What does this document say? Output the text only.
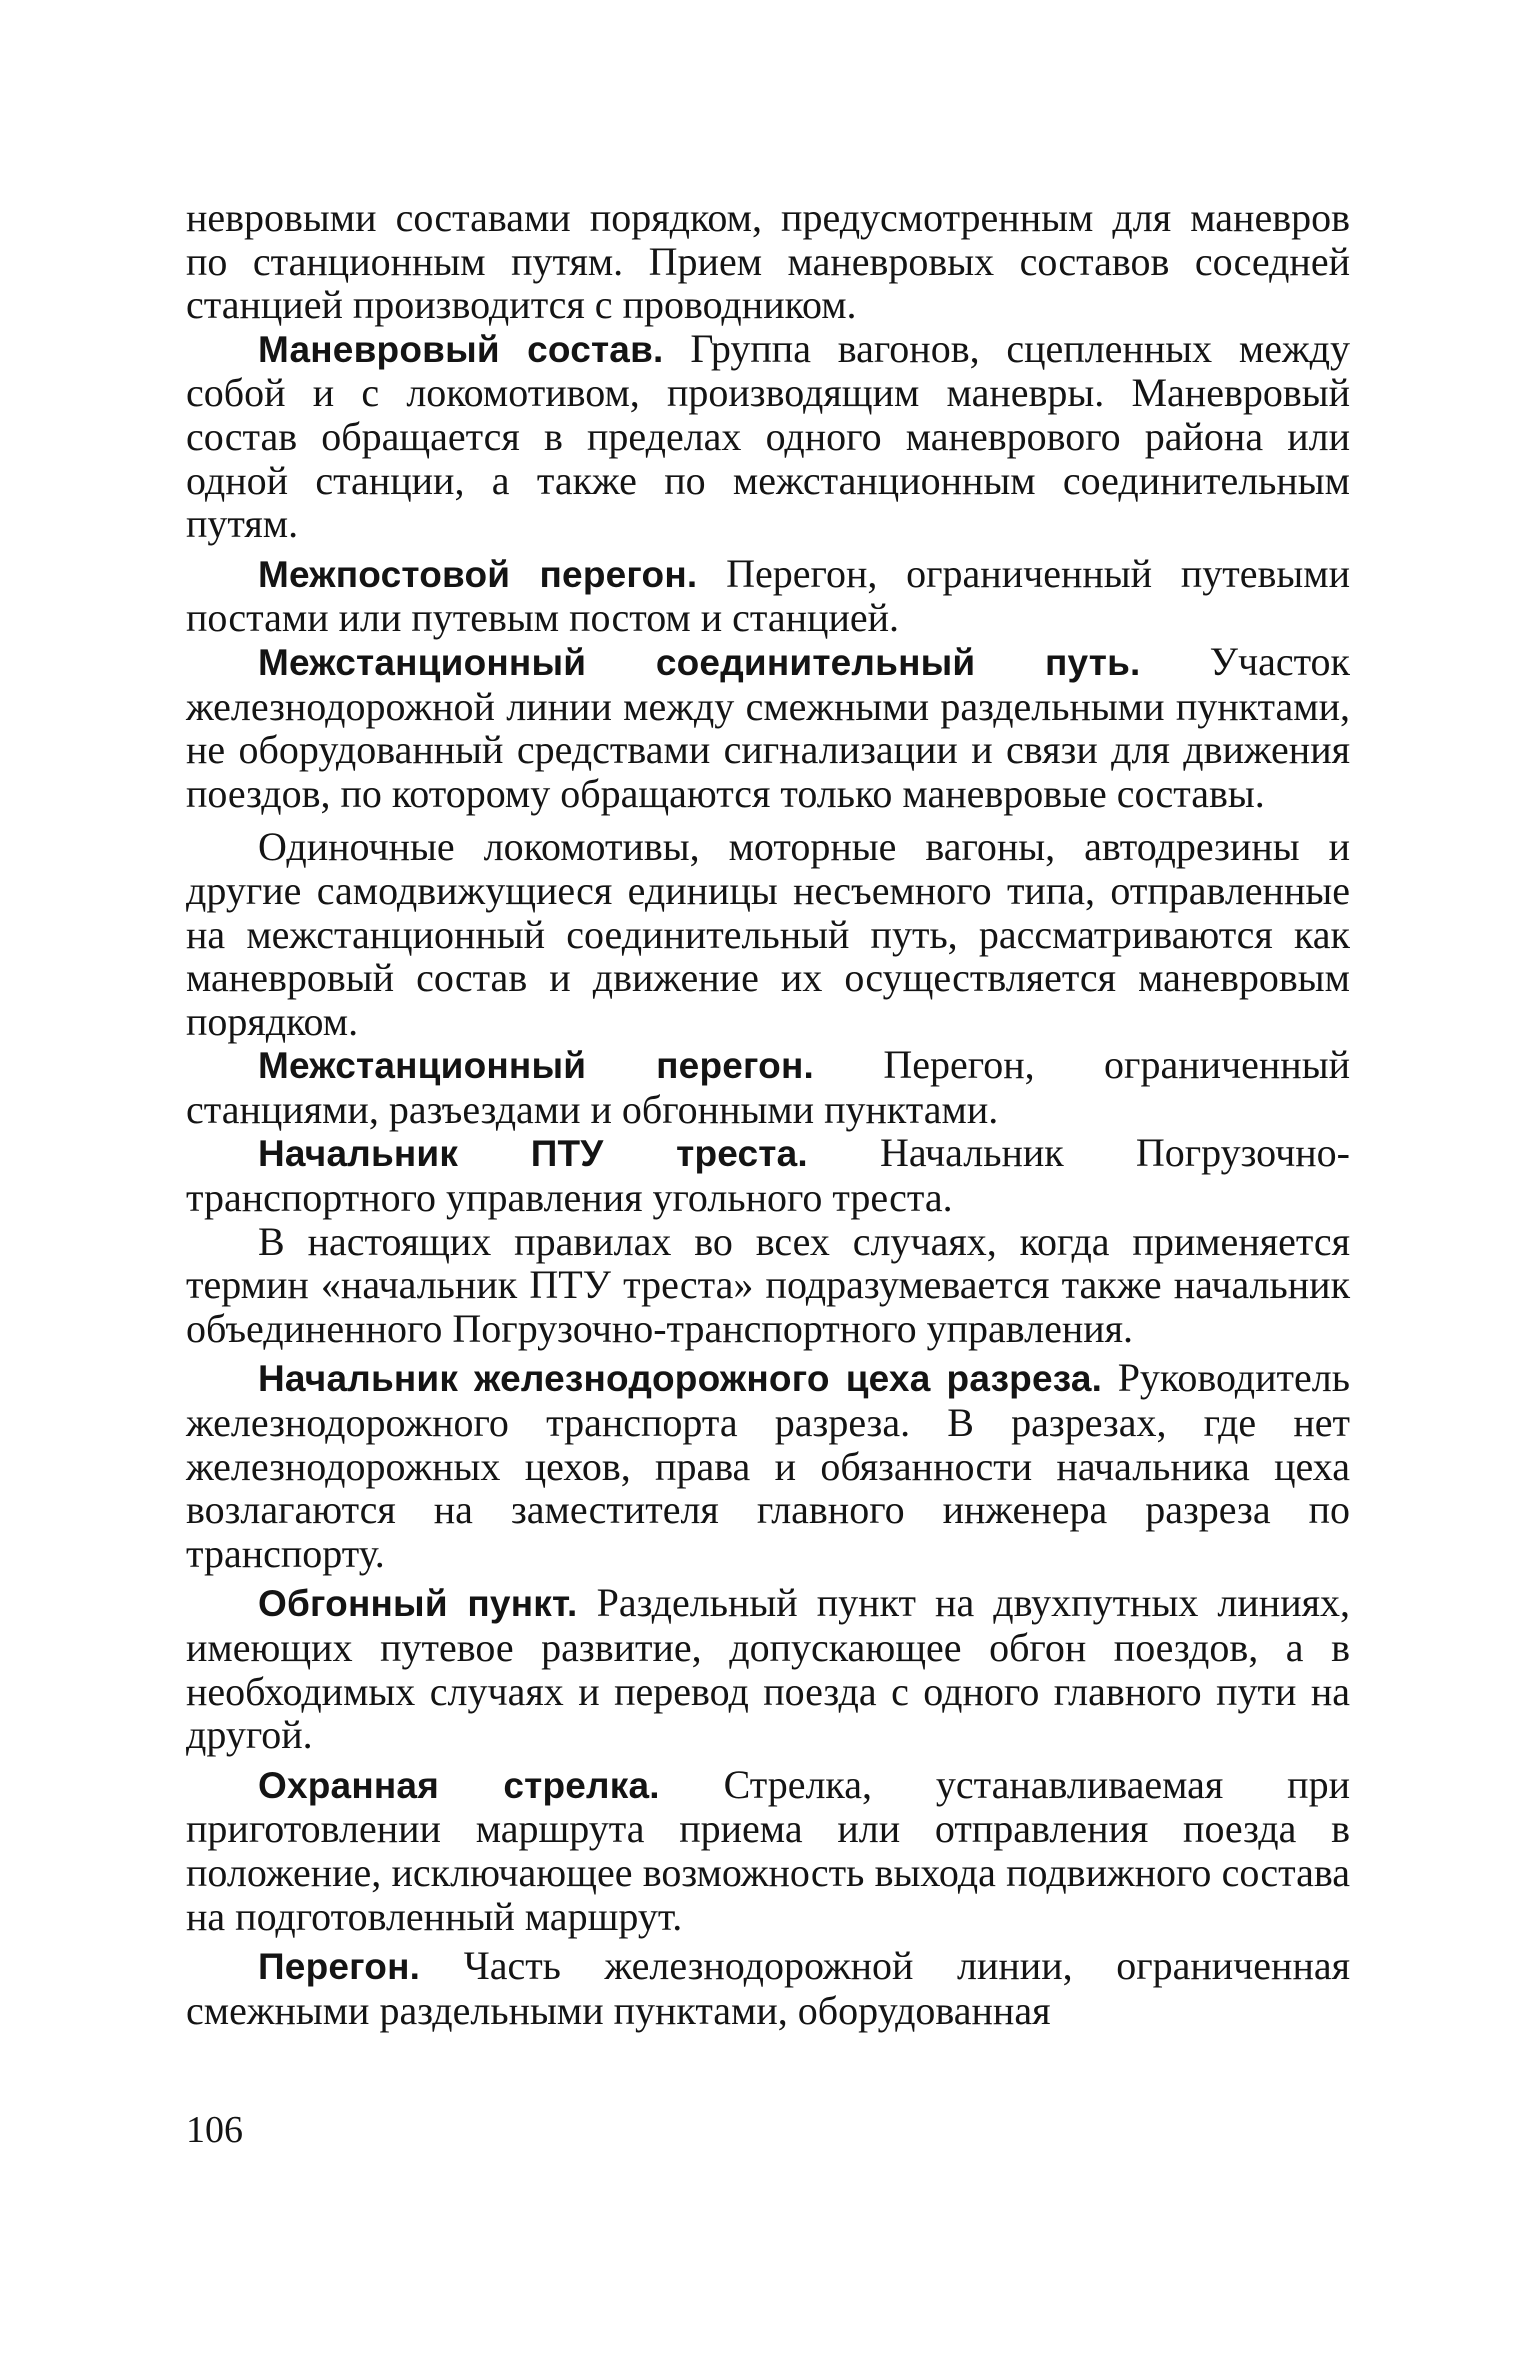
невровыми составами порядком, предусмотренным для маневров по станционным путям. Прием маневровых составов соседней станцией производится с проводником.

Маневровый состав. Группа вагонов, сцепленных между собой и с локомотивом, производящим маневры. Маневровый состав обращается в пределах одного маневрового района или одной станции, а также по межстанционным соединительным путям.

Межпостовой перегон. Перегон, ограниченный путевыми постами или путевым постом и станцией.

Межстанционный соединительный путь. Участок железнодорожной линии между смежными раздельными пунктами, не оборудованный средствами сигнализации и связи для движения поездов, по которому обращаются только маневровые составы.

Одиночные локомотивы, моторные вагоны, автодрезины и другие самодвижущиеся единицы несъемного типа, отправленные на межстанционный соединительный путь, рассматриваются как маневровый состав и движение их осуществляется маневровым порядком.

Межстанционный перегон. Перегон, ограниченный станциями, разъездами и обгонными пунктами.

Начальник ПТУ треста. Начальник Погрузочно-транспортного управления угольного треста.

В настоящих правилах во всех случаях, когда применяется термин «начальник ПТУ треста» подразумевается также начальник объединенного Погрузочно-транспортного управления.

Начальник железнодорожного цеха разреза. Руководитель железнодорожного транспорта разреза. В разрезах, где нет железнодорожных цехов, права и обязанности начальника цеха возлагаются на заместителя главного инженера разреза по транспорту.

Обгонный пункт. Раздельный пункт на двухпутных линиях, имеющих путевое развитие, допускающее обгон поездов, а в необходимых случаях и перевод поезда с одного главного пути на другой.

Охранная стрелка. Стрелка, устанавливаемая при приготовлении маршрута приема или отправления поезда в положение, исключающее возможность выхода подвижного состава на подготовленный маршрут.

Перегон. Часть железнодорожной линии, ограниченная смежными раздельными пунктами, оборудованная

106
